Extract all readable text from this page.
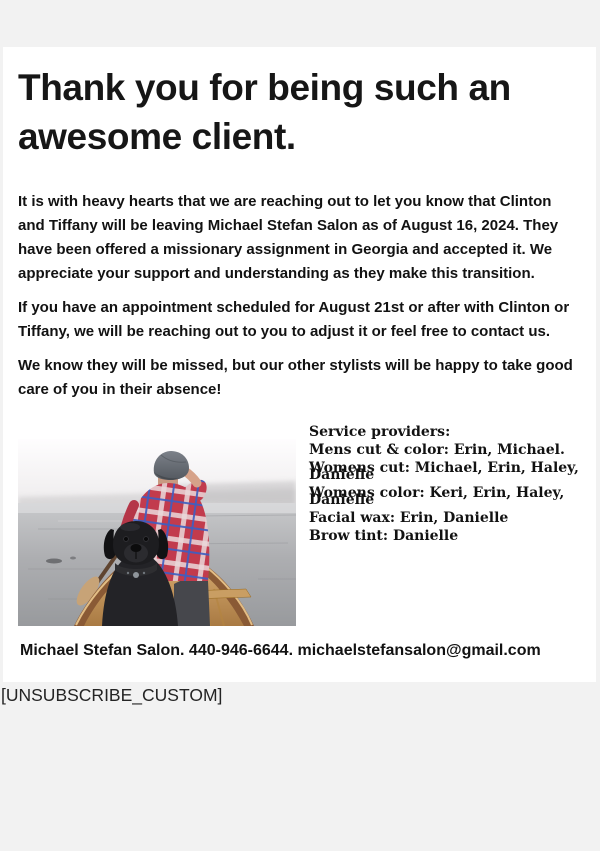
Thank you for being such an awesome client.

It is with heavy hearts that we are reaching out to let you know that Clinton and Tiffany will be leaving Michael Stefan Salon as of August 16, 2024. They have been offered a missionary assignment in Georgia and accepted it. We appreciate your support and understanding as they make this transition.

If you have an appointment scheduled for August 21st or after with Clinton or Tiffany, we will be reaching out to you to adjust it or feel free to contact us.

We know they will be missed, but our other stylists will be happy to take good care of you in their absence!

Service providers:
Mens cut & color: Erin, Michael.
Womens cut: Michael, Erin, Haley, Danielle
Womens color: Keri, Erin, Haley, Danielle
Facial wax: Erin, Danielle
Brow tint: Danielle

Michael Stefan Salon. 440-946-6644. michaelstefansalon@gmail.com

[UNSUBSCRIBE_CUSTOM]
